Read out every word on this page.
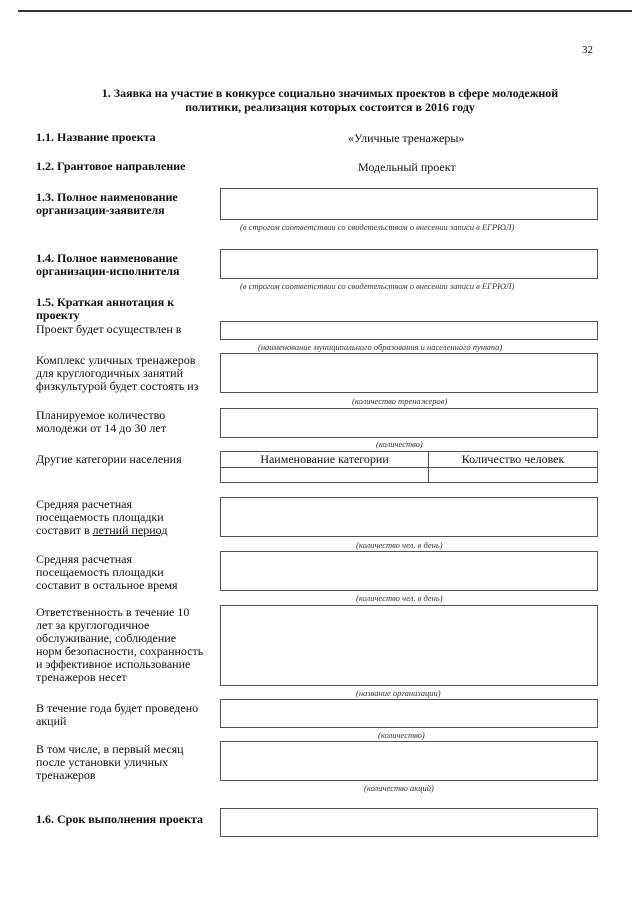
32
1. Заявка на участие в конкурсе социально значимых проектов в сфере молодежной
политики, реализация которых состоится в 2016 году
1.1. Название проекта	«Уличные тренажеры»
1.2. Грантовое направление	Модельный проект
1.3. Полное наименование
организации-заявителя
(в строгом соответствии со свидетельством о внесении записи в ЕГРЮЛ)
1.4. Полное наименование
организации-исполнителя
(в строгом соответствии со свидетельством о внесении записи в ЕГРЮЛ)
1.5. Краткая аннотация к
проекту
Проект будет осуществлен в
(наименование муниципального образования и населенного пункта)
Комплекс уличных тренажеров
для круглогодичных занятий
физкультурой будет состоять из
(количество тренажеров)
Планируемое количество
молодежи от 14 до 30 лет
(количество)
Другие категории населения	Наименование категории	Количество человек

Средняя расчетная
посещаемость площадки
составит в летний период
(количество чел. в день)
Средняя расчетная
посещаемость площадки
составит в остальное время
(количество чел. в день)
Ответственность в течение 10
лет за круглогодичное
обслуживание, соблюдение
норм безопасности, сохранность
и эффективное использование
тренажеров несет
(название организации)
В течение года будет проведено
акций
(количество)
В том числе, в первый месяц
после установки уличных
тренажеров
(количество акций)
1.6. Срок выполнения проекта
